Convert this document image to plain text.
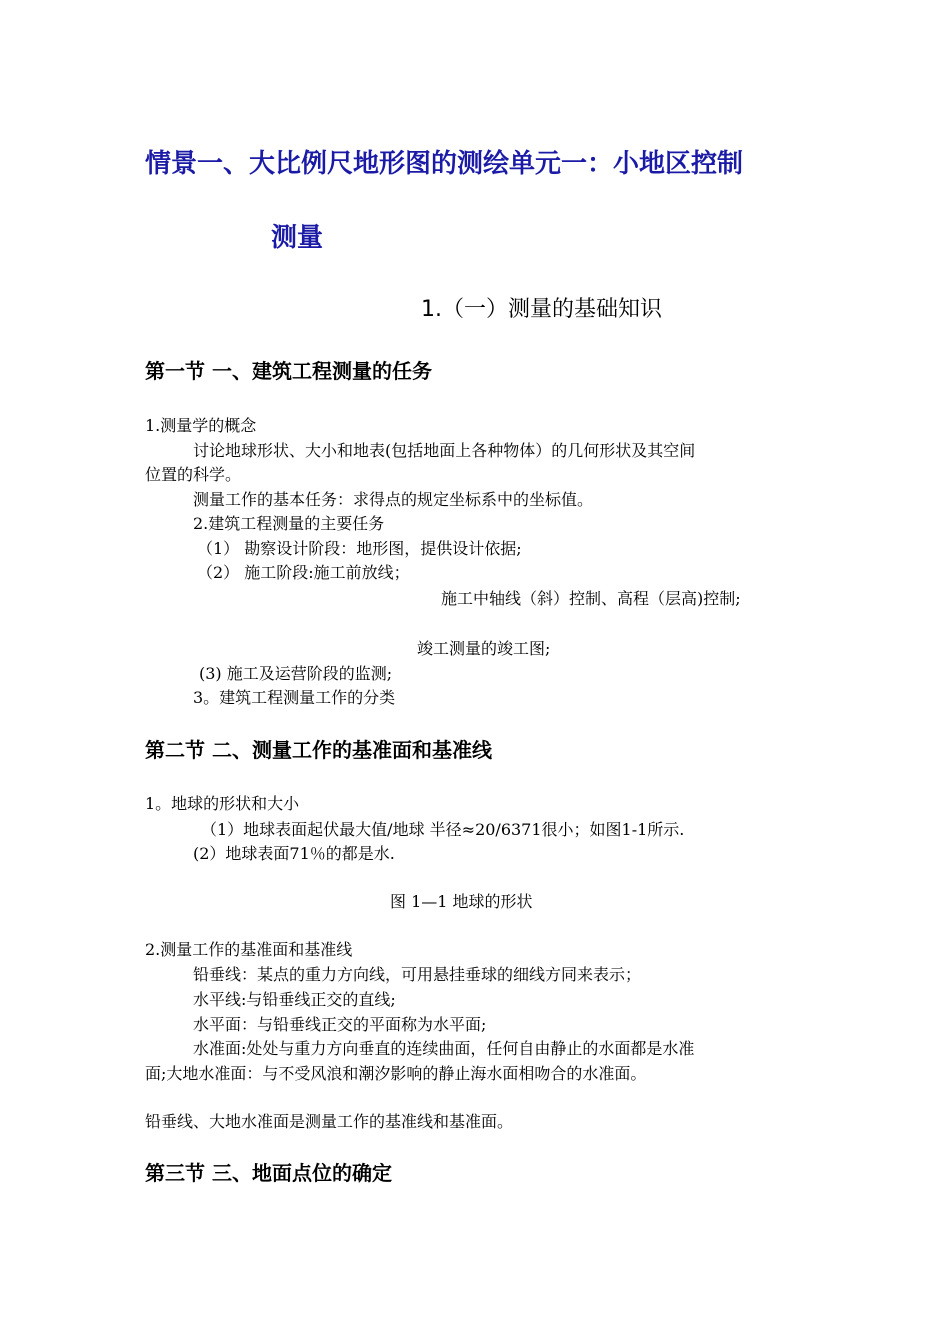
情景一、大比例尺地形图的测绘单元一：小地区控制
测量
1.（一）测量的基础知识
第一节 一、建筑工程测量的任务
1.测量学的概念
讨论地球形状、大小和地表(包括地面上各种物体）的几何形状及其空间
位置的科学。
测量工作的基本任务：求得点的规定坐标系中的坐标值。
2.建筑工程测量的主要任务
（1） 勘察设计阶段：地形图，提供设计依据;
（2） 施工阶段:施工前放线；
施工中轴线（斜）控制、高程（层高)控制;
竣工测量的竣工图;
(3) 施工及运营阶段的监测;
3。建筑工程测量工作的分类
第二节 二、测量工作的基准面和基准线
1。地球的形状和大小
（1）地球表面起伏最大值/地球 半径≈20/6371很小；如图1-1所示.
(2）地球表面71％的都是水.
图 1—1 地球的形状
2.测量工作的基准面和基准线
铅垂线：某点的重力方向线，可用悬挂垂球的细线方同来表示；
水平线:与铅垂线正交的直线;
水平面：与铅垂线正交的平面称为水平面;
水准面:处处与重力方向垂直的连续曲面，任何自由静止的水面都是水准
面;大地水准面：与不受风浪和潮汐影响的静止海水面相吻合的水准面。
铅垂线、大地水准面是测量工作的基准线和基准面。
第三节 三、地面点位的确定
